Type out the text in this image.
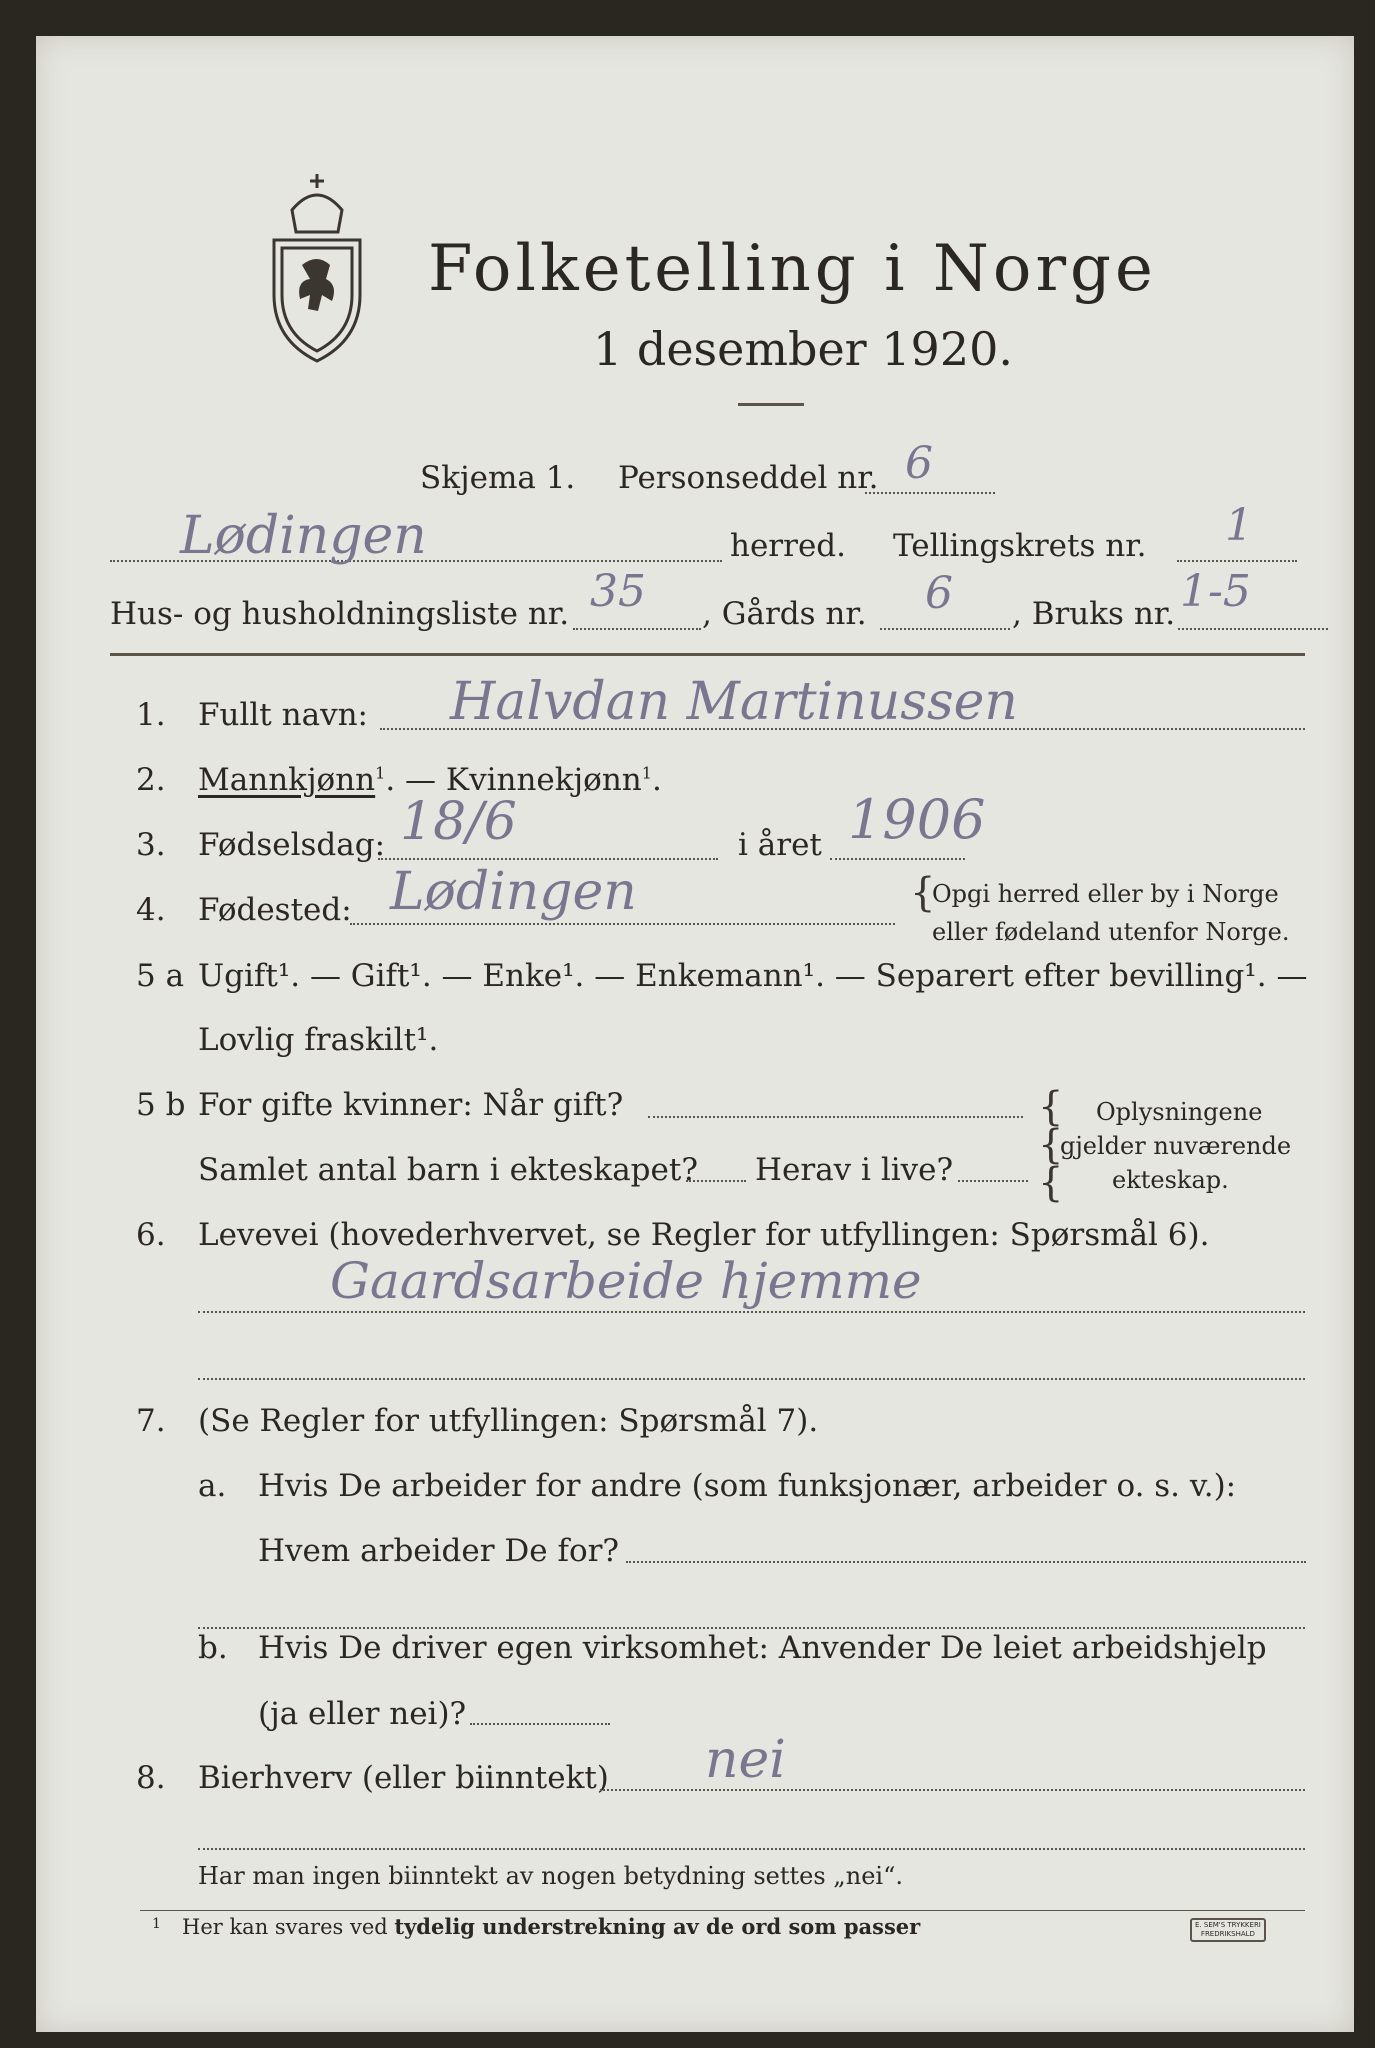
Folketelling i Norge
1 desember 1920.
Skjema 1. Personseddel nr. 6
Lødingen	herred. Tellingskrets nr. 1
Hus- og husholdningsliste nr. 35 , Gårds nr. 6 , Bruks nr. 1-5
1. Fullt navn: Halvdan Martinussen
2. Mannkjønn$^1$. — Kvinnekjønn$^1$.
3. Fødselsdag: 18/6	i året 1906
4. Fødested: Lødingen	{
Opgi herred eller by i Norge
eller fødeland utenfor Norge.
5 a Ugift¹. — Gift¹. — Enke¹. — Enkemann¹. — Separert efter bevilling¹. —
Lovlig fraskilt¹.
5 b For gifte kvinner: Når gift?
Samlet antal barn i ekteskapet? Herav i live?
{
{
{
Oplysningene
gjelder nuværende
ekteskap.
6. Levevei (hovederhvervet, se Regler for utfyllingen: Spørsmål 6).
Gaardsarbeide hjemme
7. (Se Regler for utfyllingen: Spørsmål 7).
a. Hvis De arbeider for andre (som funksjonær, arbeider o. s. v.):
Hvem arbeider De for?
b. Hvis De driver egen virksomhet: Anvender De leiet arbeidshjelp
(ja eller nei)?
8. Bierhverv (eller biinntekt) nei
Har man ingen biinntekt av nogen betydning settes „nei“.
1 Her kan svares ved tydelig understrekning av de ord som passer	E. SEM'S TRYKKERI
FREDRIKSHALD
